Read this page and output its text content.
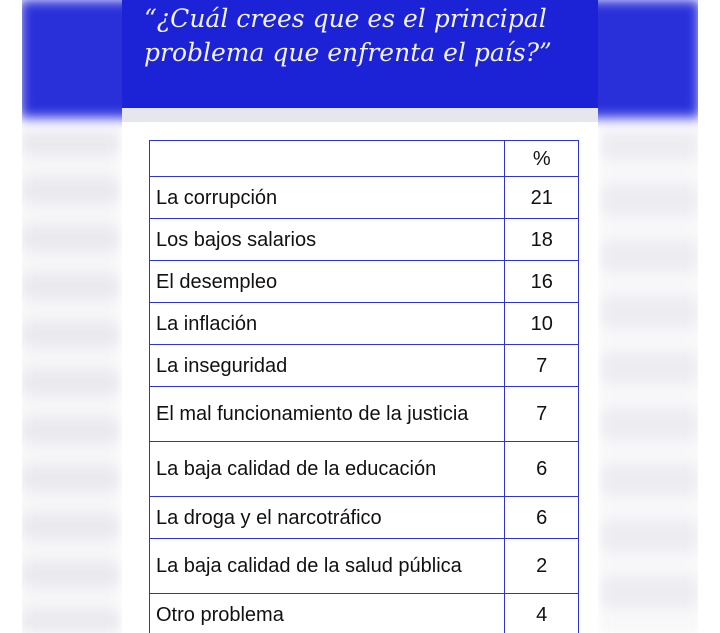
“¿Cuál crees que es el principal problema que enfrenta el país?”

	%
La corrupción	21
Los bajos salarios	18
El desempleo	16
La inflación	10
La inseguridad	7
El mal funcionamiento de la justicia	7
La baja calidad de la educación	6
La droga y el narcotráfico	6
La baja calidad de la salud pública	2
Otro problema	4
